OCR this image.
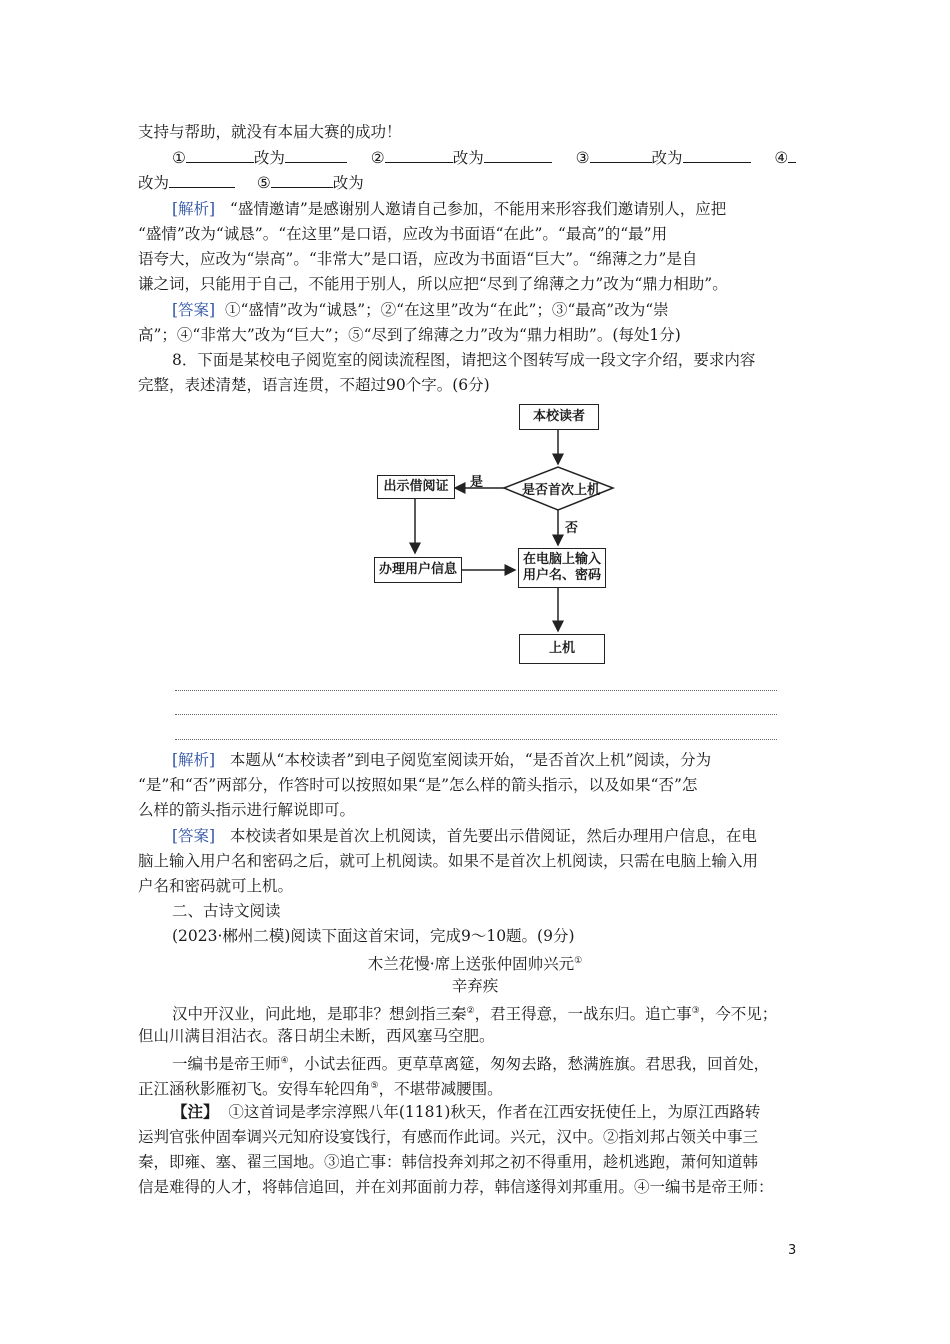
支持与帮助，就没有本届大赛的成功！
①	改为	②	改为	③	改为	④
改为	⑤	改为
[解析] “盛情邀请”是感谢别人邀请自己参加，不能用来形容我们邀请别人，应把
“盛情”改为“诚恳”。“在这里”是口语，应改为书面语“在此”。“最高”的“最”用
语夸大，应改为“崇高”。“非常大”是口语，应改为书面语“巨大”。“绵薄之力”是自
谦之词，只能用于自己，不能用于别人，所以应把“尽到了绵薄之力”改为“鼎力相助”。
[答案] ①“盛情”改为“诚恳”；②“在这里”改为“在此”；③“最高”改为“崇
高”；④“非常大”改为“巨大”；⑤“尽到了绵薄之力”改为“鼎力相助”。(每处1分)
8．下面是某校电子阅览室的阅读流程图，请把这个图转写成一段文字介绍，要求内容
完整，表述清楚，语言连贯，不超过90个字。(6分)
本校读者
是否首次上机
是
否
出示借阅证
办理用户信息
在电脑上输入
用户名、密码
上机
[解析] 本题从“本校读者”到电子阅览室阅读开始，“是否首次上机”阅读，分为
“是”和“否”两部分，作答时可以按照如果“是”怎么样的箭头指示，以及如果“否”怎
么样的箭头指示进行解说即可。
[答案] 本校读者如果是首次上机阅读，首先要出示借阅证，然后办理用户信息，在电
脑上输入用户名和密码之后，就可上机阅读。如果不是首次上机阅读，只需在电脑上输入用
户名和密码就可上机。
二、古诗文阅读
(2023·郴州二模)阅读下面这首宋词，完成9～10题。(9分)
木兰花慢·席上送张仲固帅兴元①
辛弃疾
汉中开汉业，问此地，是耶非？想剑指三秦②，君王得意，一战东归。追亡事③，今不见；
但山川满目泪沾衣。落日胡尘未断，西风塞马空肥。
一编书是帝王师④，小试去征西。更草草离筵，匆匆去路，愁满旌旗。君思我，回首处，
正江涵秋影雁初飞。安得车轮四角⑤，不堪带减腰围。
【注】 ①这首词是孝宗淳熙八年(1181)秋天，作者在江西安抚使任上，为原江西路转
运判官张仲固奉调兴元知府设宴饯行，有感而作此词。兴元，汉中。②指刘邦占领关中事三
秦，即雍、塞、翟三国地。③追亡事：韩信投奔刘邦之初不得重用，趁机逃跑，萧何知道韩
信是难得的人才，将韩信追回，并在刘邦面前力荐，韩信遂得刘邦重用。④一编书是帝王师：
3
